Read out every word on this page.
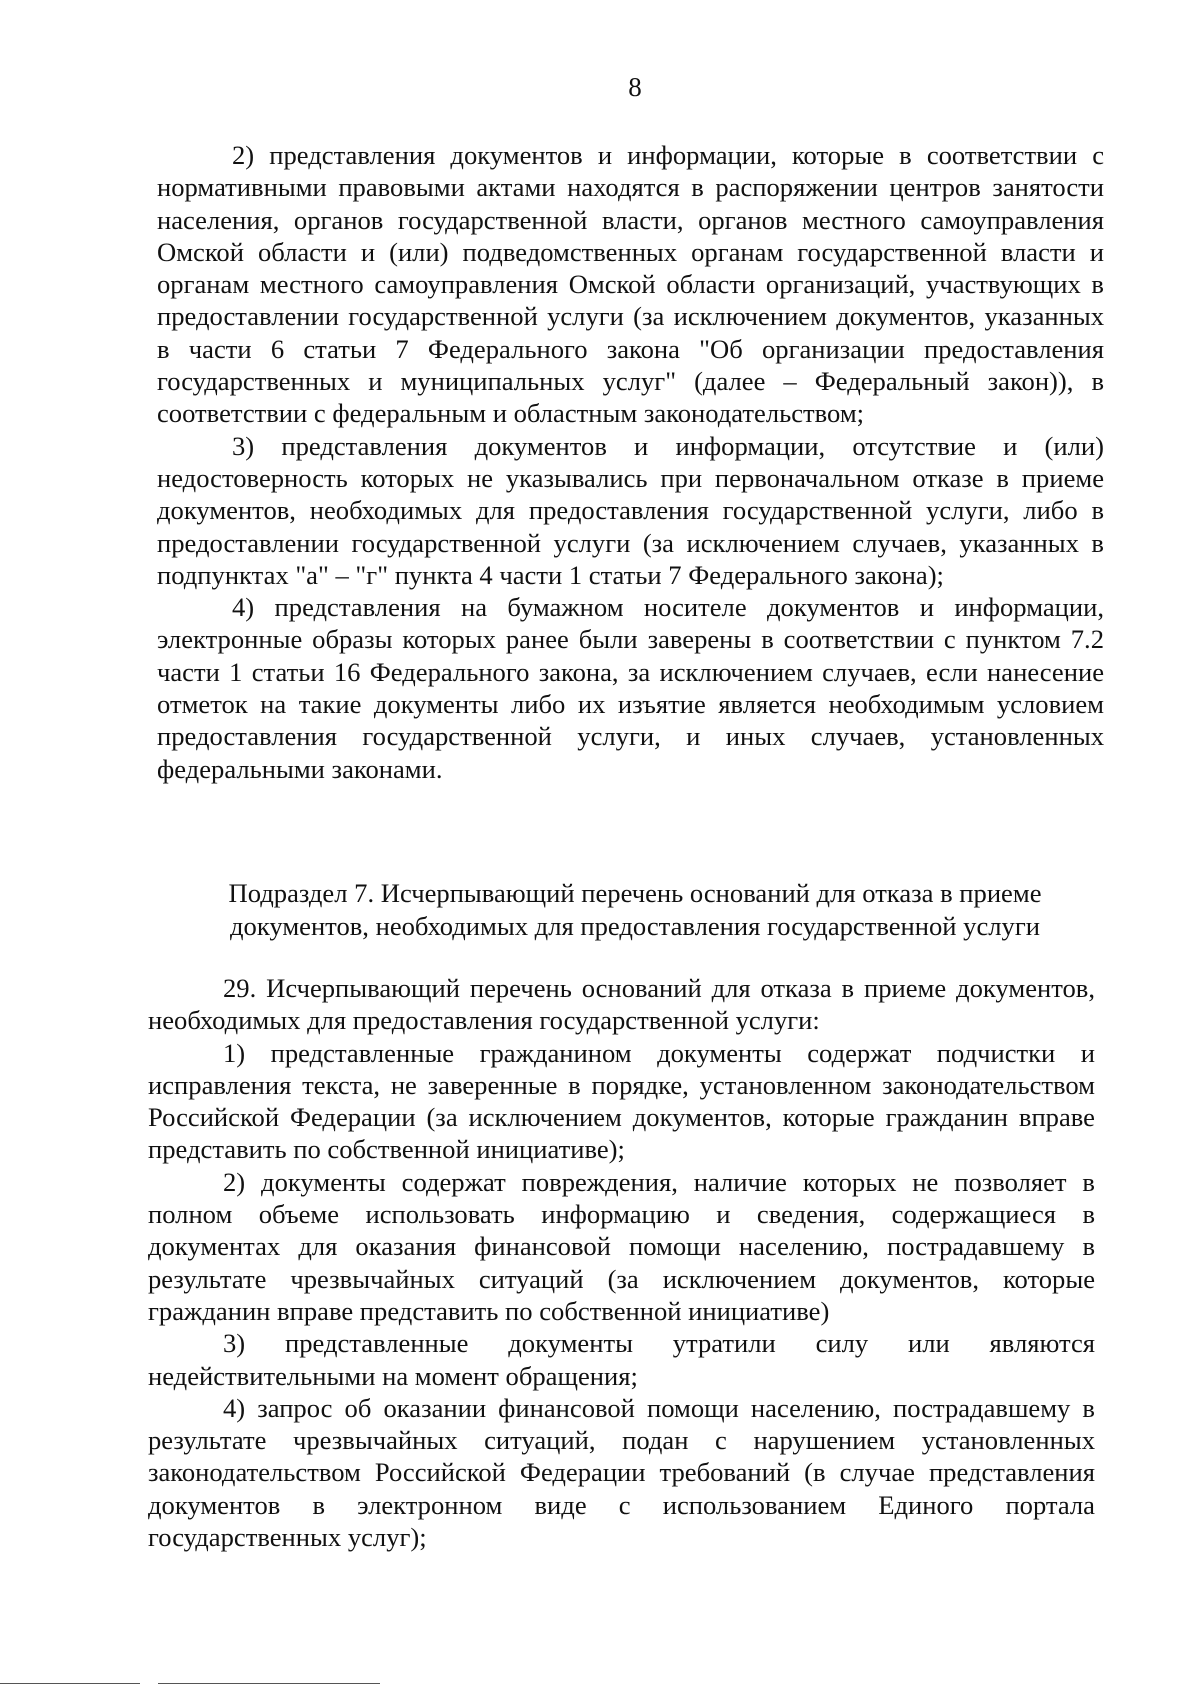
8

2) представления документов и информации, которые в соответствии с нормативными правовыми актами находятся в распоряжении центров занятости населения, органов государственной власти, органов местного самоуправления Омской области и (или) подведомственных органам государственной власти и органам местного самоуправления Омской области организаций, участвующих в предоставлении государственной услуги (за исключением документов, указанных в части 6 статьи 7 Федерального закона "Об организации предоставления государственных и муниципальных услуг" (далее – Федеральный закон)), в соответствии с федеральным и областным законодательством;

3) представления документов и информации, отсутствие и (или) недостоверность которых не указывались при первоначальном отказе в приеме документов, необходимых для предоставления государственной услуги, либо в предоставлении государственной услуги (за исключением случаев, указанных в подпунктах "а" – "г" пункта 4 части 1 статьи 7 Федерального закона);

4) представления на бумажном носителе документов и информации, электронные образы которых ранее были заверены в соответствии с пунктом 7.2 части 1 статьи 16 Федерального закона, за исключением случаев, если нанесение отметок на такие документы либо их изъятие является необходимым условием предоставления государственной услуги, и иных случаев, установленных федеральными законами.

Подраздел 7. Исчерпывающий перечень оснований для отказа в приеме документов, необходимых для предоставления государственной услуги

29. Исчерпывающий перечень оснований для отказа в приеме документов, необходимых для предоставления государственной услуги:

1) представленные гражданином документы содержат подчистки и исправления текста, не заверенные в порядке, установленном законодательством Российской Федерации (за исключением документов, которые гражданин вправе представить по собственной инициативе);

2) документы содержат повреждения, наличие которых не позволяет в полном объеме использовать информацию и сведения, содержащиеся в документах для оказания финансовой помощи населению, пострадавшему в результате чрезвычайных ситуаций (за исключением документов, которые гражданин вправе представить по собственной инициативе)

3) представленные документы утратили силу или являются недействительными на момент обращения;

4) запрос об оказании финансовой помощи населению, пострадавшему в результате чрезвычайных ситуаций, подан с нарушением установленных законодательством Российской Федерации требований (в случае представления документов в электронном виде с использованием Единого портала государственных услуг);
